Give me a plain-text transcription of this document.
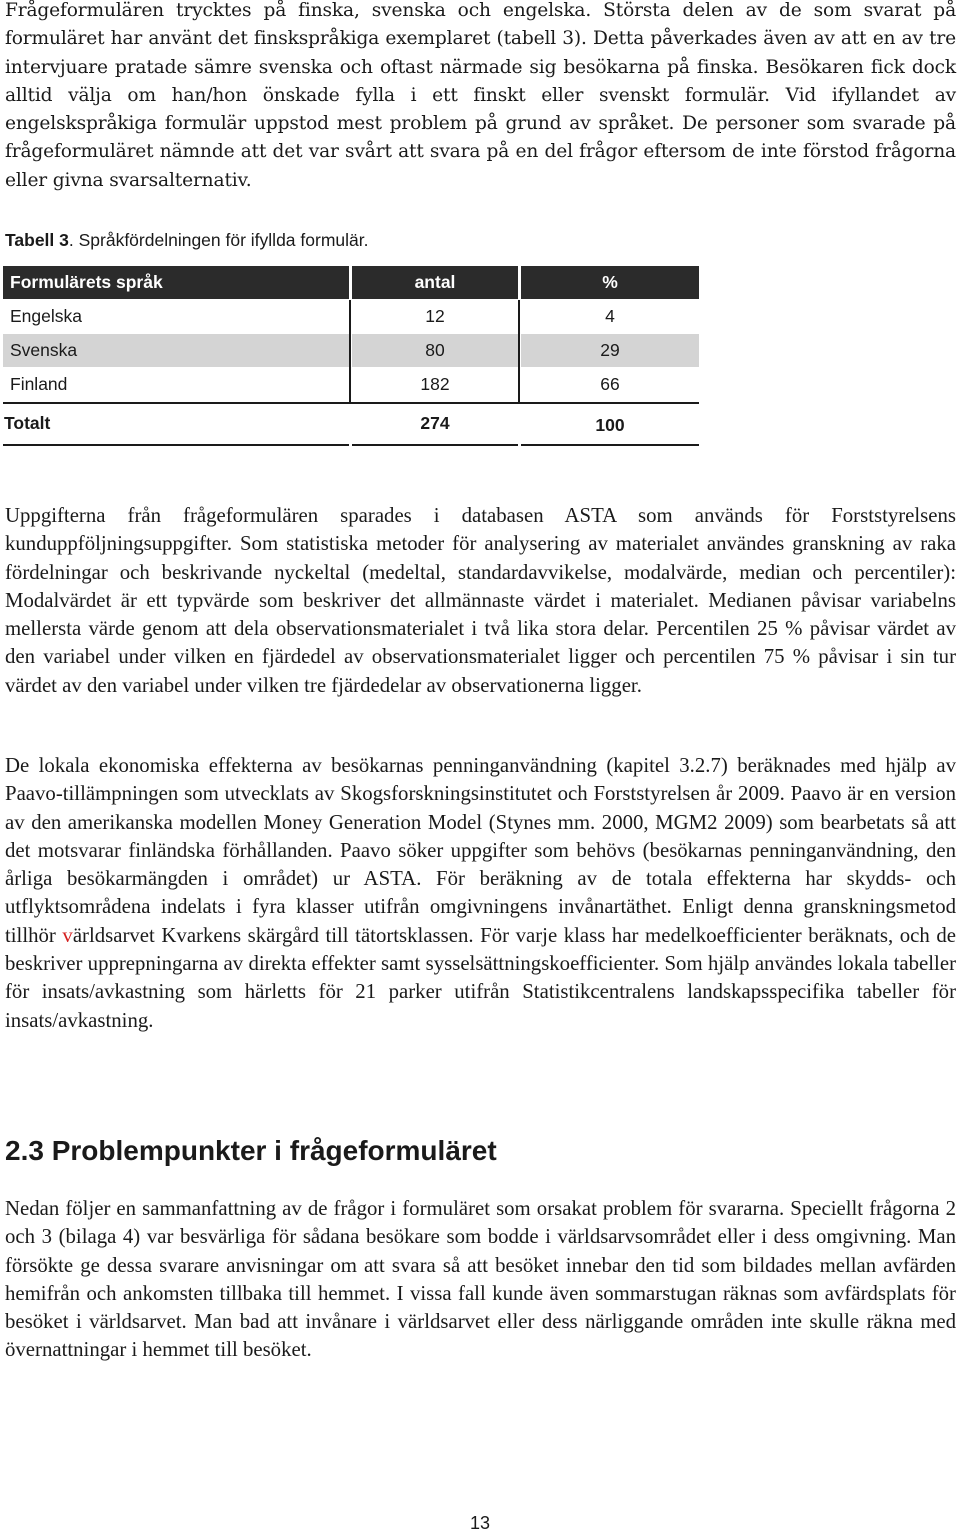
Frågeformulären trycktes på finska, svenska och engelska. Största delen av de som svarat på formuläret har använt det finskspråkiga exemplaret (tabell 3). Detta påverkades även av att en av tre intervjuare pratade sämre svenska och oftast närmade sig besökarna på finska. Besökaren fick dock alltid välja om han/hon önskade fylla i ett finskt eller svenskt formulär. Vid ifyllandet av engelskspråkiga formulär uppstod mest problem på grund av språket. De personer som svarade på frågeformuläret nämnde att det var svårt att svara på en del frågor eftersom de inte förstod frågorna eller givna svarsalternativ.

Tabell 3. Språkfördelningen för ifyllda formulär.

Formulärets språk	antal	%
Engelska	12	4
Svenska	80	29
Finland	182	66
Totalt	274	100

Uppgifterna från frågeformulären sparades i databasen ASTA som används för Forststyrelsens kunduppföljningsuppgifter. Som statistiska metoder för analysering av materialet användes granskning av raka fördelningar och beskrivande nyckeltal (medeltal, standardavvikelse, modalvärde, median och percentiler): Modalvärdet är ett typvärde som beskriver det allmännaste värdet i materialet. Medianen påvisar variabelns mellersta värde genom att dela observationsmaterialet i två lika stora delar. Percentilen 25 % påvisar värdet av den variabel under vilken en fjärdedel av observationsmaterialet ligger och percentilen 75 % påvisar i sin tur värdet av den variabel under vilken tre fjärdedelar av observationerna ligger.

De lokala ekonomiska effekterna av besökarnas penninganvändning (kapitel 3.2.7) beräknades med hjälp av Paavo-tillämpningen som utvecklats av Skogsforskningsinstitutet och Forststyrelsen år 2009. Paavo är en version av den amerikanska modellen Money Generation Model (Stynes mm. 2000, MGM2 2009) som bearbetats så att det motsvarar finländska förhållanden. Paavo söker uppgifter som behövs (besökarnas penninganvändning, den årliga besökarmängden i området) ur ASTA. För beräkning av de totala effekterna har skydds- och utflyktsområdena indelats i fyra klasser utifrån omgivningens invånartäthet. Enligt denna granskningsmetod tillhör världsarvet Kvarkens skärgård till tätortsklassen. För varje klass har medelkoefficienter beräknats, och de beskriver upprepningarna av direkta effekter samt sysselsättningskoefficienter. Som hjälp användes lokala tabeller för insats/avkastning som härletts för 21 parker utifrån Statistikcentralens landskapsspecifika tabeller för insats/avkastning.

2.3 Problempunkter i frågeformuläret

Nedan följer en sammanfattning av de frågor i formuläret som orsakat problem för svararna. Speciellt frågorna 2 och 3 (bilaga 4) var besvärliga för sådana besökare som bodde i världsarvsområdet eller i dess omgivning. Man försökte ge dessa svarare anvisningar om att svara så att besöket innebar den tid som bildades mellan avfärden hemifrån och ankomsten tillbaka till hemmet. I vissa fall kunde även sommarstugan räknas som avfärdsplats för besöket i världsarvet. Man bad att invånare i världsarvet eller dess närliggande områden inte skulle räkna med övernattningar i hemmet till besöket.

13
